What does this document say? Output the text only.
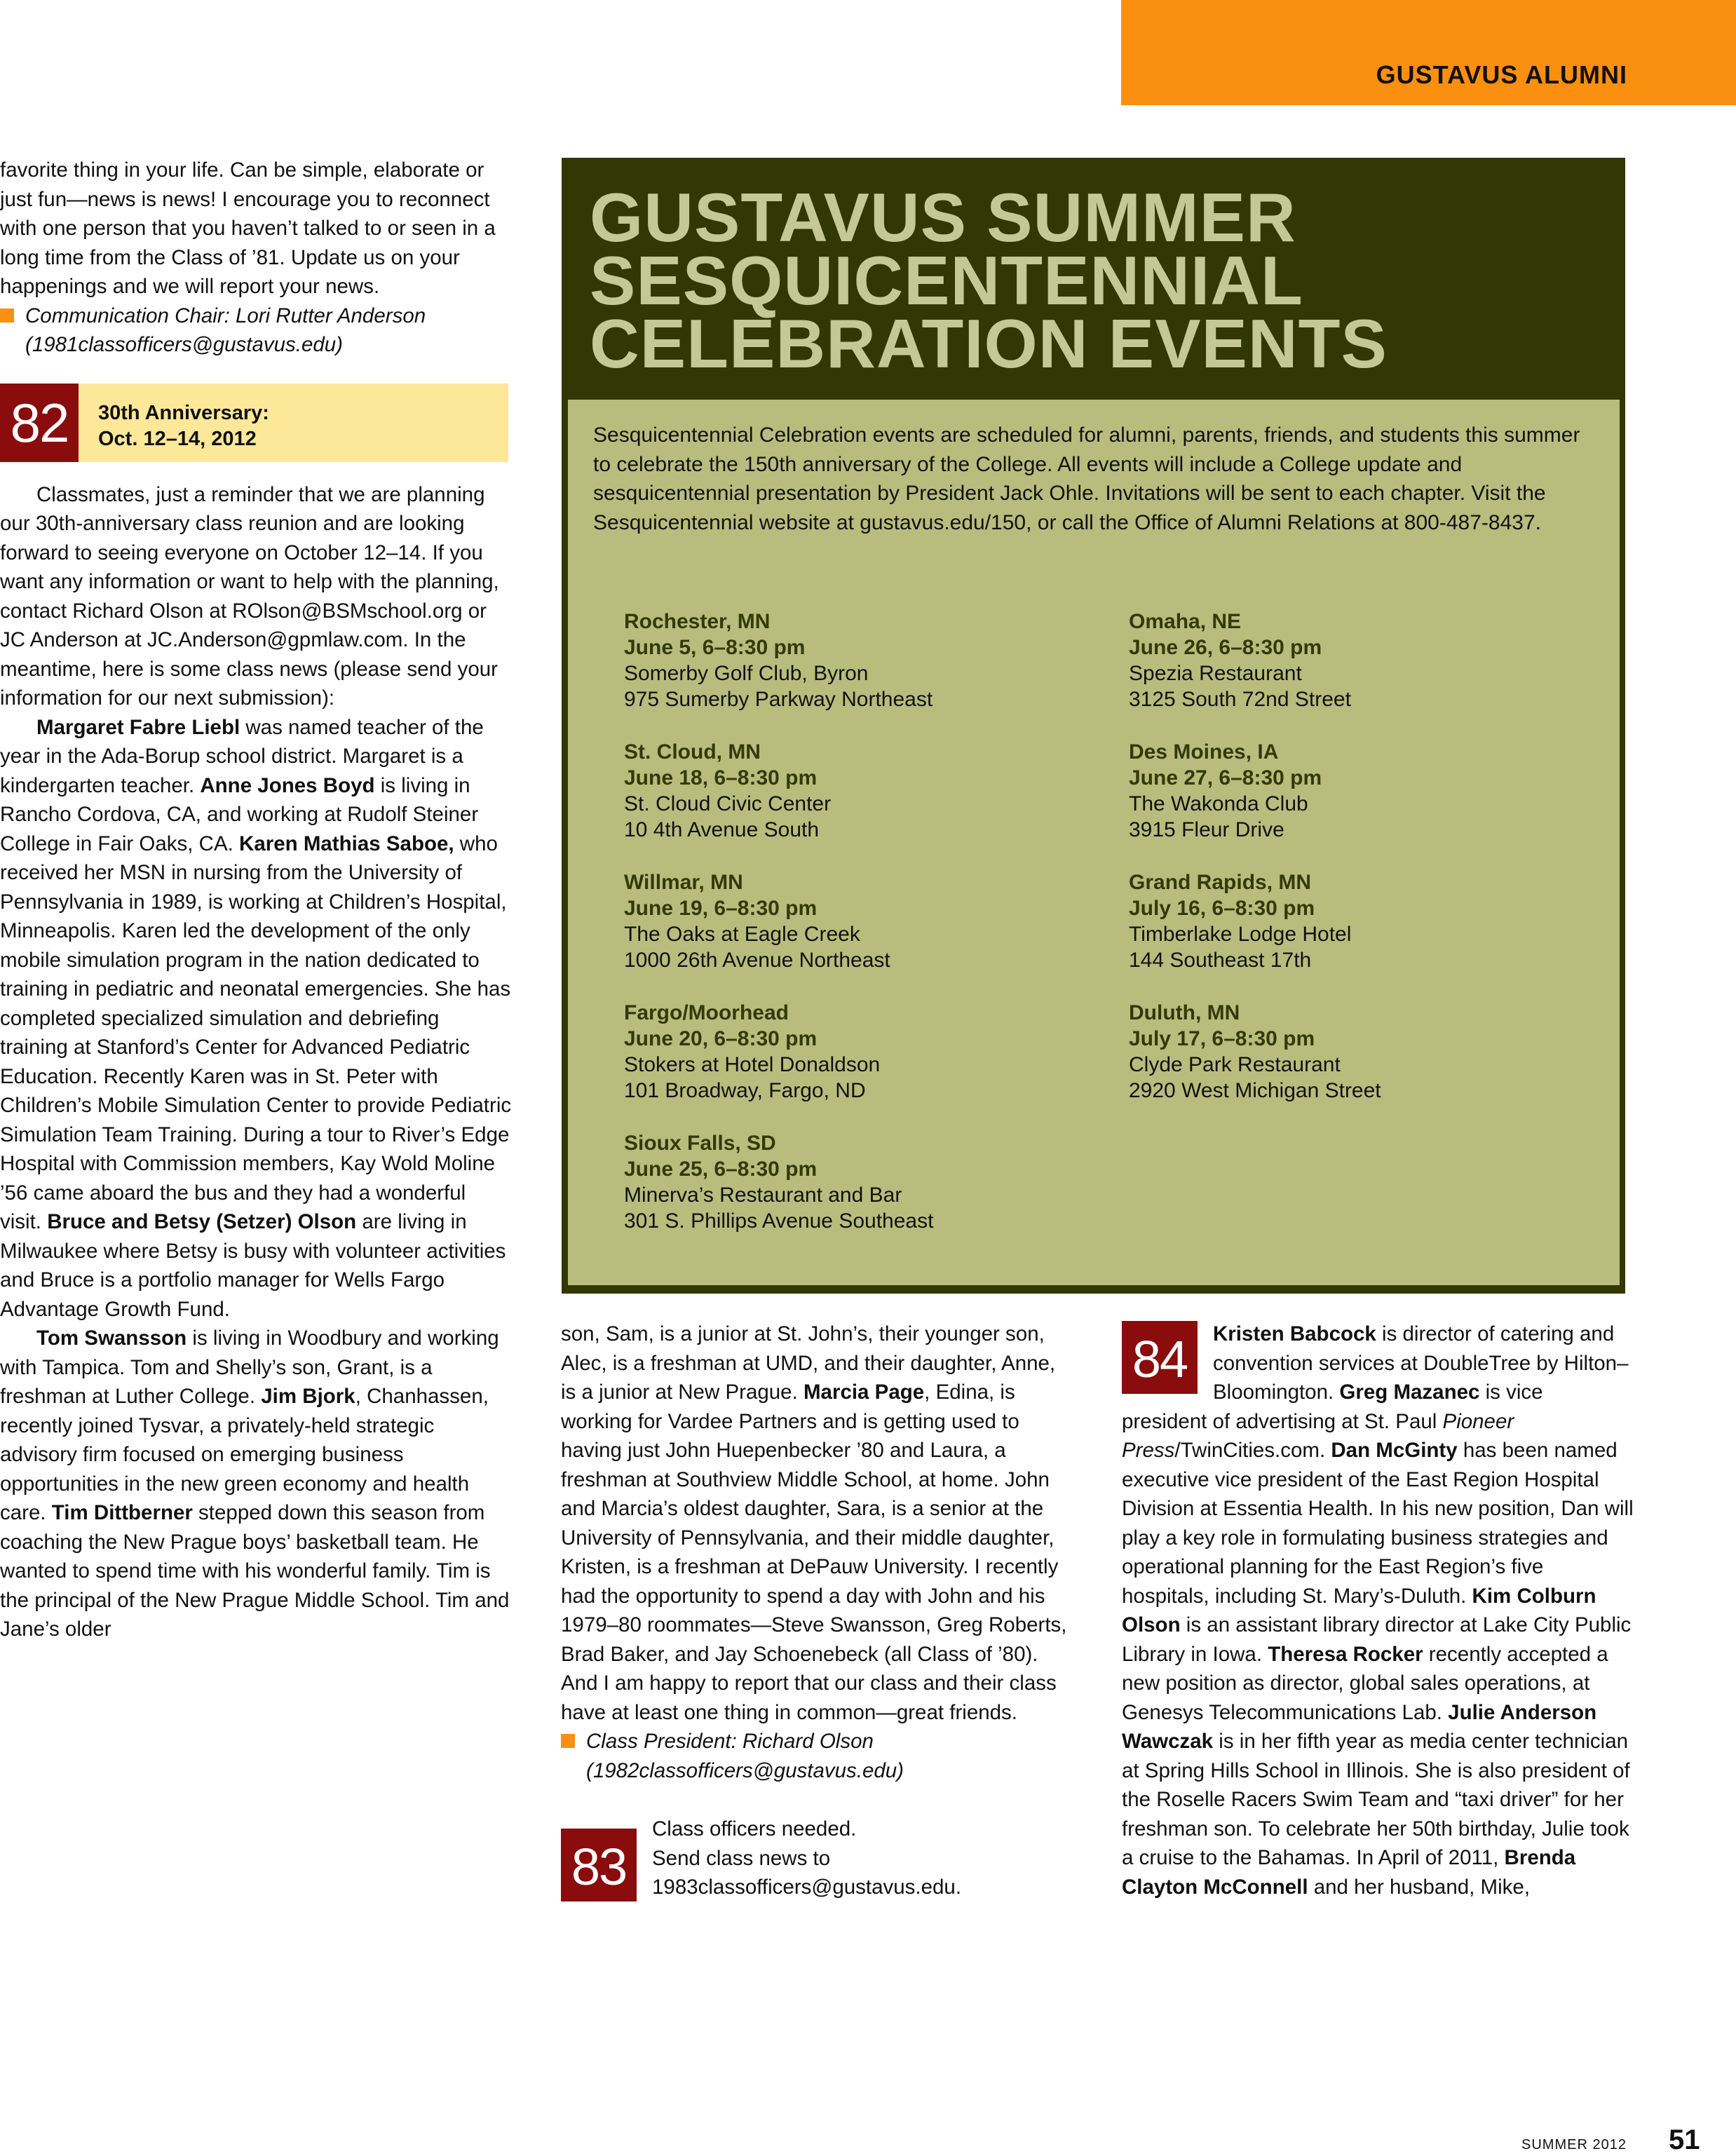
GUSTAVUS ALUMNI

favorite thing in your life. Can be simple, elaborate or just fun—news is news! I encourage you to reconnect with one person that you haven’t talked to or seen in a long time from the Class of ’81. Update us on your happenings and we will report your news.

Communication Chair: Lori Rutter Anderson (1981classofficers@gustavus.edu)

82	30th Anniversary:
Oct. 12–14, 2012

Classmates, just a reminder that we are planning our 30th-anniversary class reunion and are looking forward to seeing everyone on October 12–14. If you want any information or want to help with the planning, contact Richard Olson at ROlson@BSMschool.org or JC Anderson at JC.Anderson@gpmlaw.com. In the meantime, here is some class news (please send your information for our next submission):

Margaret Fabre Liebl was named teacher of the year in the Ada-Borup school district. Margaret is a kindergarten teacher. Anne Jones Boyd is living in Rancho Cordova, CA, and working at Rudolf Steiner College in Fair Oaks, CA. Karen Mathias Saboe, who received her MSN in nursing from the University of Pennsylvania in 1989, is working at Children’s Hospital, Minneapolis. Karen led the development of the only mobile simulation program in the nation dedicated to training in pediatric and neonatal emergencies. She has completed specialized simulation and debriefing training at Stanford’s Center for Advanced Pediatric Education. Recently Karen was in St. Peter with Children’s Mobile Simulation Center to provide Pediatric Simulation Team Training. During a tour to River’s Edge Hospital with Commission members, Kay Wold Moline ’56 came aboard the bus and they had a wonderful visit. Bruce and Betsy (Setzer) Olson are living in Milwaukee where Betsy is busy with volunteer activities and Bruce is a portfolio manager for Wells Fargo Advantage Growth Fund.

Tom Swansson is living in Woodbury and working with Tampica. Tom and Shelly’s son, Grant, is a freshman at Luther College. Jim Bjork, Chanhassen, recently joined Tysvar, a privately-held strategic advisory firm focused on emerging business opportunities in the new green economy and health care. Tim Dittberner stepped down this season from coaching the New Prague boys’ basketball team. He wanted to spend time with his wonderful family. Tim is the principal of the New Prague Middle School. Tim and Jane’s older

GUSTAVUS SUMMER SESQUICENTENNIAL CELEBRATION EVENTS
Sesquicentennial Celebration events are scheduled for alumni, parents, friends, and students this summer to celebrate the 150th anniversary of the College. All events will include a College update and sesquicentennial presentation by President Jack Ohle. Invitations will be sent to each chapter. Visit the Sesquicentennial website at gustavus.edu/150, or call the Office of Alumni Relations at 800-487-8437.
Rochester, MN
June 5, 6–8:30 pm
Somerby Golf Club, Byron
975 Sumerby Parkway Northeast
St. Cloud, MN
June 18, 6–8:30 pm
St. Cloud Civic Center
10 4th Avenue South
Willmar, MN
June 19, 6–8:30 pm
The Oaks at Eagle Creek
1000 26th Avenue Northeast
Fargo/Moorhead
June 20, 6–8:30 pm
Stokers at Hotel Donaldson
101 Broadway, Fargo, ND
Sioux Falls, SD
June 25, 6–8:30 pm
Minerva’s Restaurant and Bar
301 S. Phillips Avenue Southeast
Omaha, NE
June 26, 6–8:30 pm
Spezia Restaurant
3125 South 72nd Street
Des Moines, IA
June 27, 6–8:30 pm
The Wakonda Club
3915 Fleur Drive
Grand Rapids, MN
July 16, 6–8:30 pm
Timberlake Lodge Hotel
144 Southeast 17th
Duluth, MN
July 17, 6–8:30 pm
Clyde Park Restaurant
2920 West Michigan Street

son, Sam, is a junior at St. John’s, their younger son, Alec, is a freshman at UMD, and their daughter, Anne, is a junior at New Prague. Marcia Page, Edina, is working for Vardee Partners and is getting used to having just John Huepenbecker ’80 and Laura, a freshman at Southview Middle School, at home. John and Marcia’s oldest daughter, Sara, is a senior at the University of Pennsylvania, and their middle daughter, Kristen, is a freshman at DePauw University. I recently had the opportunity to spend a day with John and his 1979–80 roommates—Steve Swansson, Greg Roberts, Brad Baker, and Jay Schoenebeck (all Class of ’80). And I am happy to report that our class and their class have at least one thing in common—great friends.

Class President: Richard Olson (1982classofficers@gustavus.edu)

83
Class officers needed.
Send class news to
1983classofficers@gustavus.edu.
84	Kristen Babcock is director of catering and convention services at DoubleTree by Hilton–Bloomington. Greg Mazanec is vice president of advertising at St. Paul Pioneer Press/TwinCities.com. Dan McGinty has been named executive vice president of the East Region Hospital Division at Essentia Health. In his new position, Dan will play a key role in formulating business strategies and operational planning for the East Region’s five hospitals, including St. Mary’s-Duluth. Kim Colburn Olson is an assistant library director at Lake City Public Library in Iowa. Theresa Rocker recently accepted a new position as director, global sales operations, at Genesys Telecommunications Lab. Julie Anderson Wawczak is in her fifth year as media center technician at Spring Hills School in Illinois. She is also president of the Roselle Racers Swim Team and “taxi driver” for her freshman son. To celebrate her 50th birthday, Julie took a cruise to the Bahamas. In April of 2011, Brenda Clayton McConnell and her husband, Mike,

SUMMER 2012 51
